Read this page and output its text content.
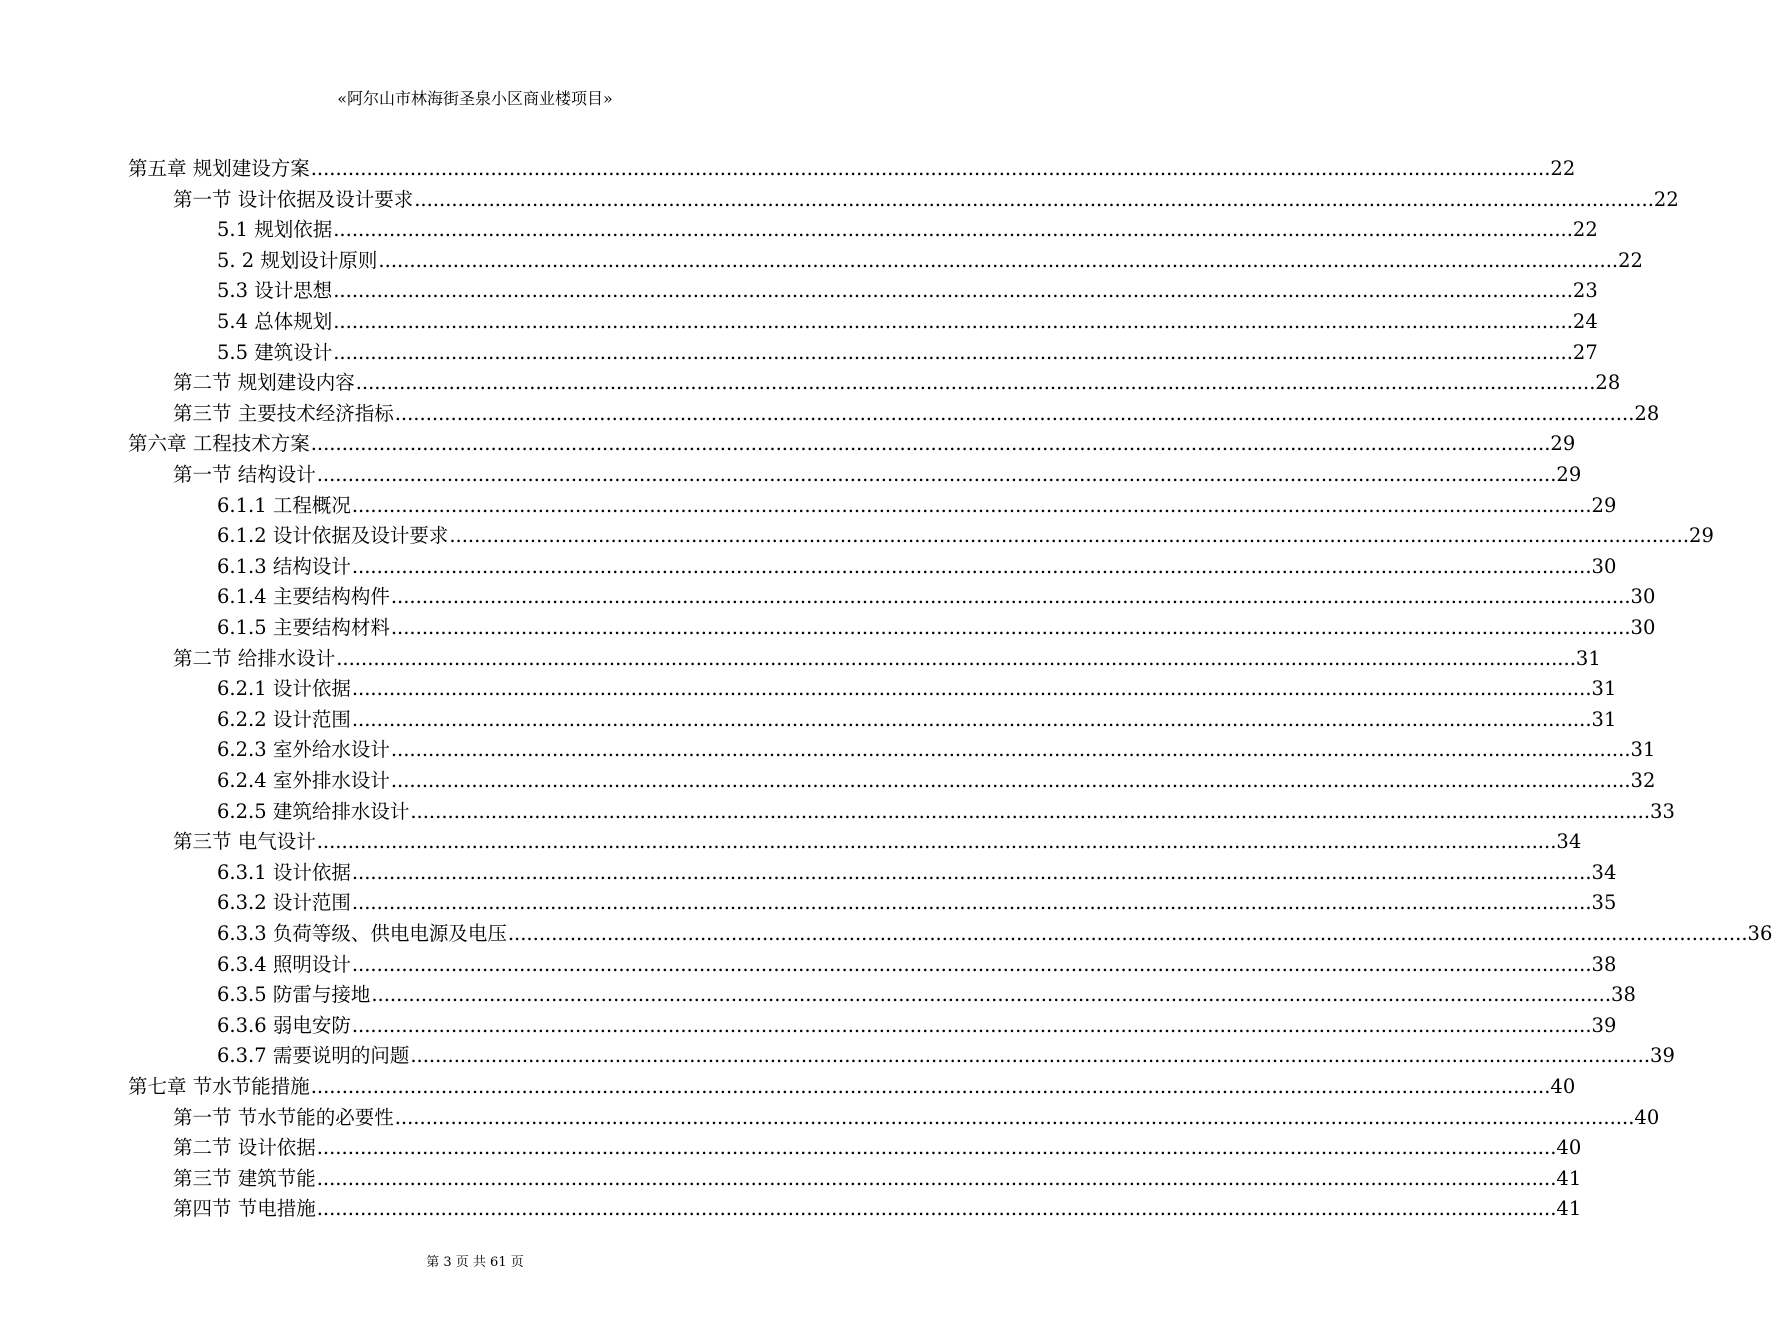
«阿尔山市林海街圣泉小区商业楼项目»
第五章 规划建设方案 ........................................................................................................................................................................................................ 22
第一节 设计依据及设计要求 ........................................................................................................................................................................................................ 22
5.1 规划依据 ........................................................................................................................................................................................................ 22
5. 2 规划设计原则 ........................................................................................................................................................................................................ 22
5.3 设计思想 ........................................................................................................................................................................................................ 23
5.4 总体规划 ........................................................................................................................................................................................................ 24
5.5 建筑设计 ........................................................................................................................................................................................................ 27
第二节 规划建设内容 ........................................................................................................................................................................................................ 28
第三节 主要技术经济指标 ........................................................................................................................................................................................................ 28
第六章 工程技术方案 ........................................................................................................................................................................................................ 29
第一节 结构设计 ........................................................................................................................................................................................................ 29
6.1.1 工程概况 ........................................................................................................................................................................................................ 29
6.1.2 设计依据及设计要求 ........................................................................................................................................................................................................ 29
6.1.3 结构设计 ........................................................................................................................................................................................................ 30
6.1.4 主要结构构件 ........................................................................................................................................................................................................ 30
6.1.5 主要结构材料 ........................................................................................................................................................................................................ 30
第二节 给排水设计 ........................................................................................................................................................................................................ 31
6.2.1 设计依据 ........................................................................................................................................................................................................ 31
6.2.2 设计范围 ........................................................................................................................................................................................................ 31
6.2.3 室外给水设计 ........................................................................................................................................................................................................ 31
6.2.4 室外排水设计 ........................................................................................................................................................................................................ 32
6.2.5 建筑给排水设计 ........................................................................................................................................................................................................ 33
第三节 电气设计 ........................................................................................................................................................................................................ 34
6.3.1 设计依据 ........................................................................................................................................................................................................ 34
6.3.2 设计范围 ........................................................................................................................................................................................................ 35
6.3.3 负荷等级、供电电源及电压 ........................................................................................................................................................................................................ 36
6.3.4 照明设计 ........................................................................................................................................................................................................ 38
6.3.5 防雷与接地 ........................................................................................................................................................................................................ 38
6.3.6 弱电安防 ........................................................................................................................................................................................................ 39
6.3.7 需要说明的问题 ........................................................................................................................................................................................................ 39
第七章 节水节能措施 ........................................................................................................................................................................................................ 40
第一节 节水节能的必要性 ........................................................................................................................................................................................................ 40
第二节 设计依据 ........................................................................................................................................................................................................ 40
第三节 建筑节能 ........................................................................................................................................................................................................ 41
第四节 节电措施 ........................................................................................................................................................................................................ 41
第 3 页 共 61 页
